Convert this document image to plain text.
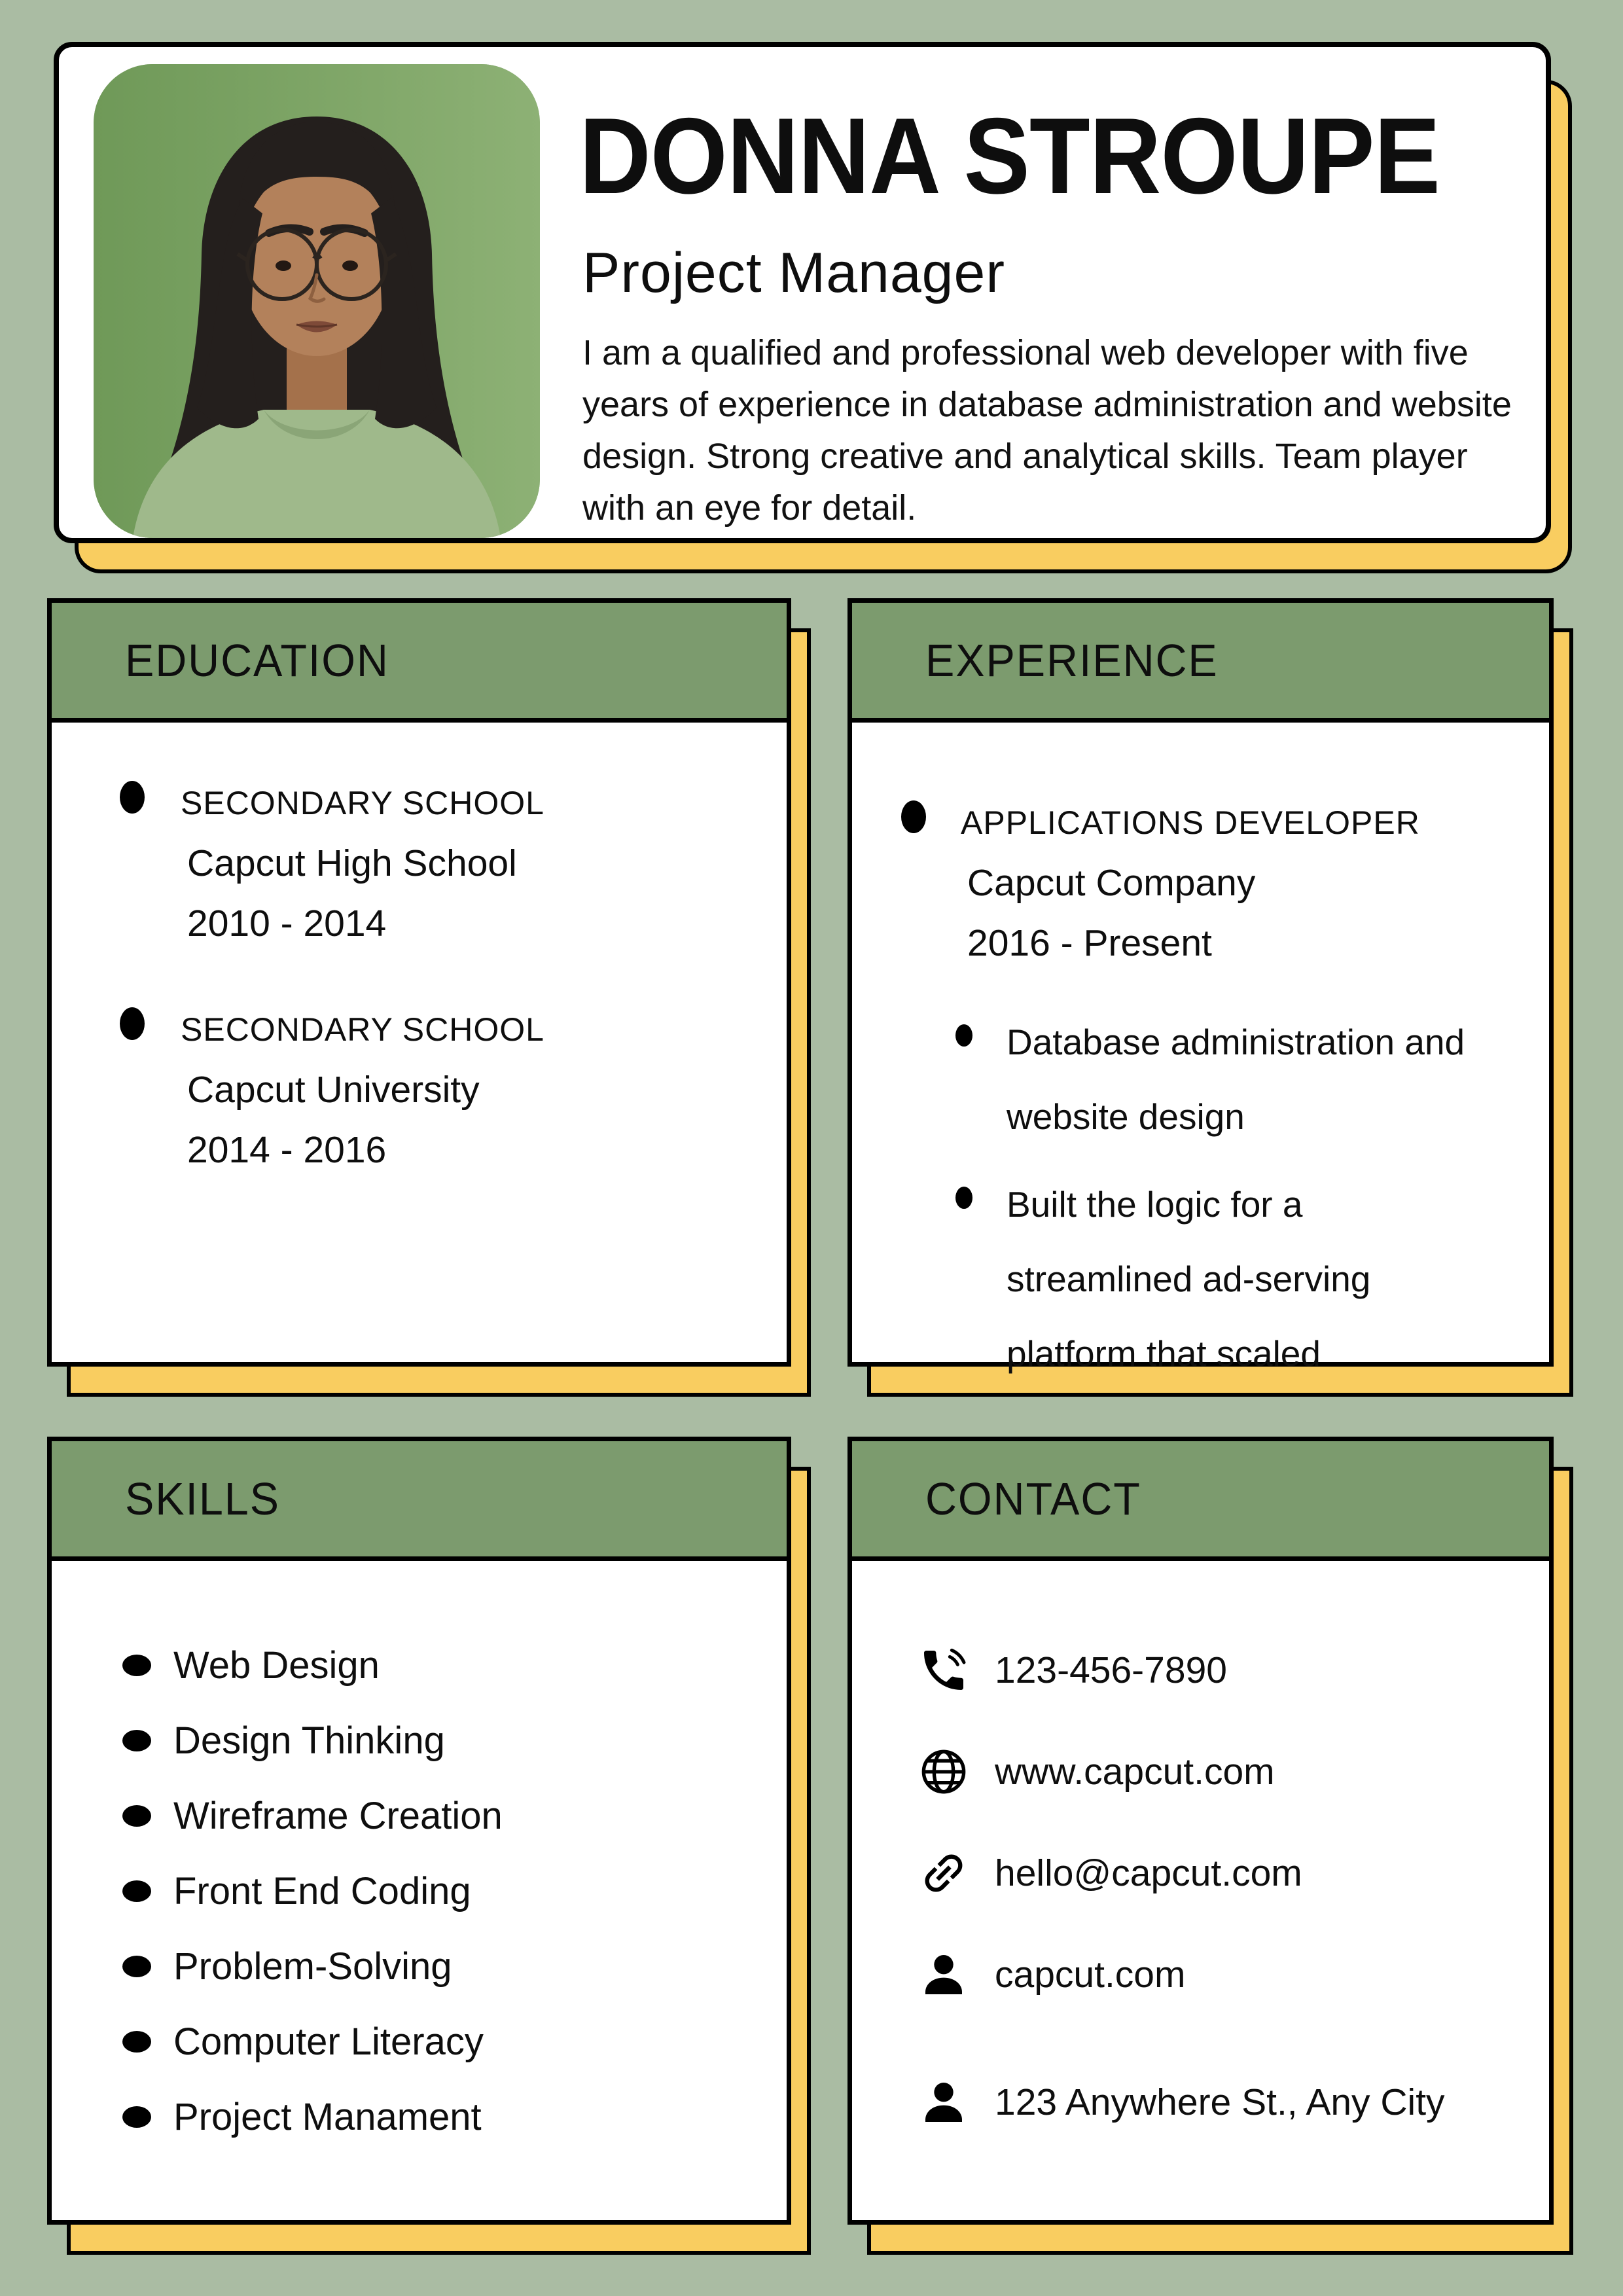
DONNA STROUPE
Project Manager

I am a qualified and professional web developer with five years of experience in database administration and website design. Strong creative and analytical skills. Team player with an eye for detail.

EDUCATION
SECONDARY SCHOOL
Capcut High School
2010 - 2014
SECONDARY SCHOOL
Capcut University
2014 - 2016
EXPERIENCE
APPLICATIONS DEVELOPER
Capcut Company
2016 - Present
Database administration and website design
Built the logic for a streamlined ad-serving platform that scaled
SKILLS
Web Design
Design Thinking
Wireframe Creation
Front End Coding
Problem-Solving
Computer Literacy
Project Manament
CONTACT
123-456-7890
www.capcut.com
hello@capcut.com
capcut.com
123 Anywhere St., Any City
